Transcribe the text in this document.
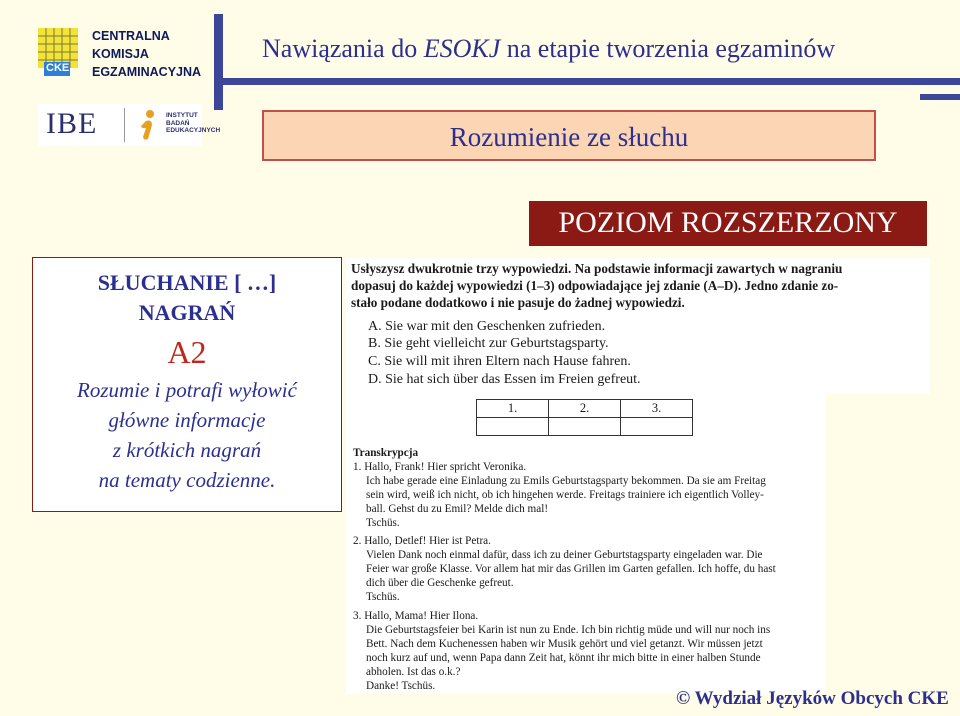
CKE
CENTRALNA
KOMISJA
EGZAMINACYJNA
Nawiązania do ESOKJ na etapie tworzenia egzaminów
IBE	INSTYTUT
BADAŃ
EDUKACYJNYCH	Rozumienie ze słuchu
POZIOM ROZSZERZONY
SŁUCHANIE [ …]
NAGRAŃ
A2
Rozumie i potrafi wyłowić
główne informacje
z krótkich nagrań
na tematy codzienne.
Usłyszysz dwukrotnie trzy wypowiedzi. Na podstawie informacji zawartych w nagraniu
dopasuj do każdej wypowiedzi (1–3) odpowiadające jej zdanie (A–D). Jedno zdanie zo-
stało podane dodatkowo i nie pasuje do żadnej wypowiedzi.
A. Sie war mit den Geschenken zufrieden.
B. Sie geht vielleicht zur Geburtstagsparty.
C. Sie will mit ihren Eltern nach Hause fahren.
D. Sie hat sich über das Essen im Freien gefreut.
Transkrypcja
1. Hallo, Frank! Hier spricht Veronika.
Ich habe gerade eine Einladung zu Emils Geburtstagsparty bekommen. Da sie am Freitag
sein wird, weiß ich nicht, ob ich hingehen werde. Freitags trainiere ich eigentlich Volley-
ball. Gehst du zu Emil? Melde dich mal!
Tschüs.
2. Hallo, Detlef! Hier ist Petra.
Vielen Dank noch einmal dafür, dass ich zu deiner Geburtstagsparty eingeladen war. Die
Feier war große Klasse. Vor allem hat mir das Grillen im Garten gefallen. Ich hoffe, du hast
dich über die Geschenke gefreut.
Tschüs.
3. Hallo, Mama! Hier Ilona.
Die Geburtstagsfeier bei Karin ist nun zu Ende. Ich bin richtig müde und will nur noch ins
Bett. Nach dem Kuchenessen haben wir Musik gehört und viel getanzt. Wir müssen jetzt
noch kurz auf und, wenn Papa dann Zeit hat, könnt ihr mich bitte in einer halben Stunde
abholen. Ist das o.k.?
Danke! Tschüs.
1.	2.	3.

© Wydział Języków Obcych CKE
